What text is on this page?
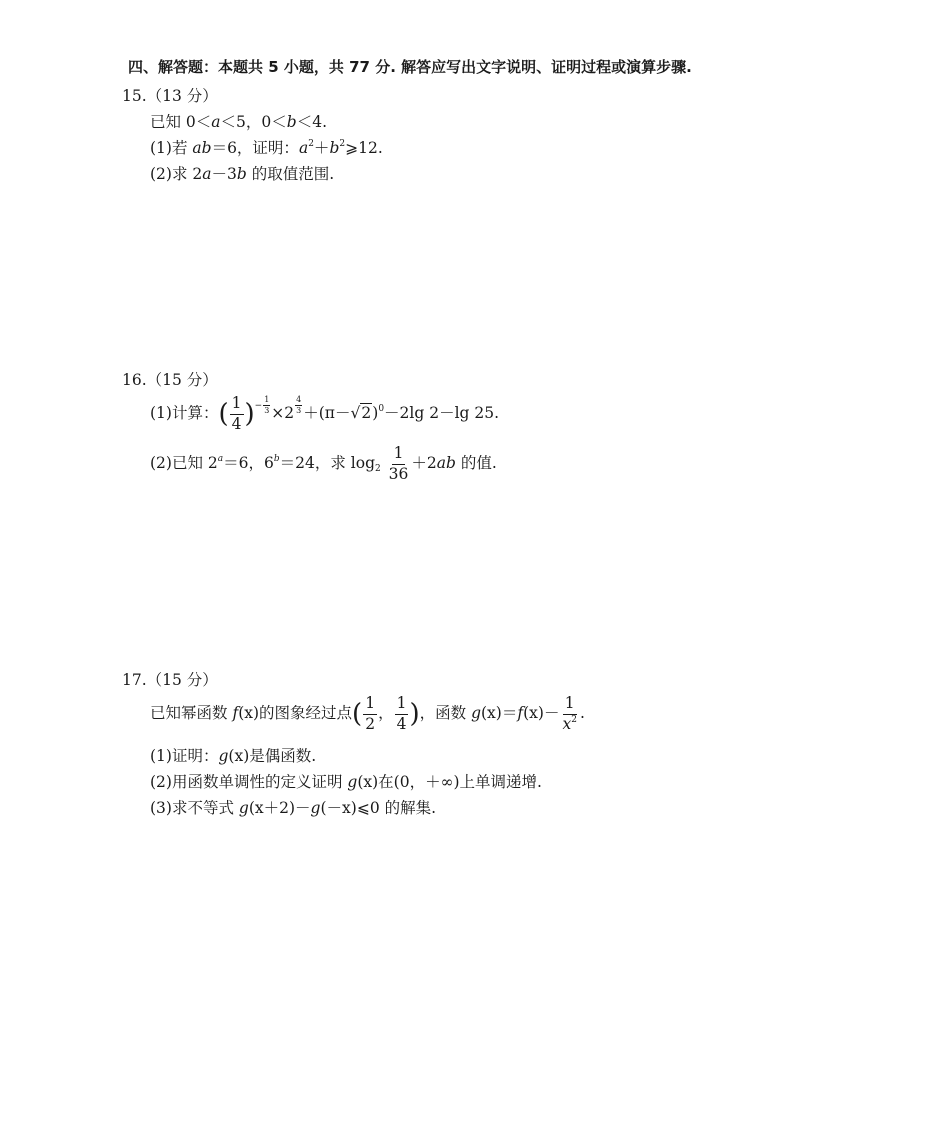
四、解答题：本题共 5 小题，共 77 分. 解答应写出文字说明、证明过程或演算步骤.
15.（13 分）
已知 0＜a＜5，0＜b＜4.
(1)若 ab＝6，证明：$a^2+b^2⩾12$.
(2)求 2a－3b 的取值范围.
16.（15 分）
(1)计算：( $\frac{1}{4}$ )− $\frac{1}{3} \times 2 \frac{4}{3} +(\pi-√2)^0-2\lg$ 2－lg 25.
(2)已知 $2^a=6$，$6^b=24$，求 $\log_2 \frac{1}{36} +2ab$ 的值.
17.（15 分）
已知幂函数 f(x)的图象经过点( $\frac{1}{2}$ ， $\frac{1}{4}$ )，函数 $g(x)=f(x)- \frac{1}{x^2}$ .
(1)证明：g(x)是偶函数.
(2)用函数单调性的定义证明 g(x)在(0，＋∞)上单调递增.
(3)求不等式 g(x＋2)－g(－x)⩽0 的解集.
